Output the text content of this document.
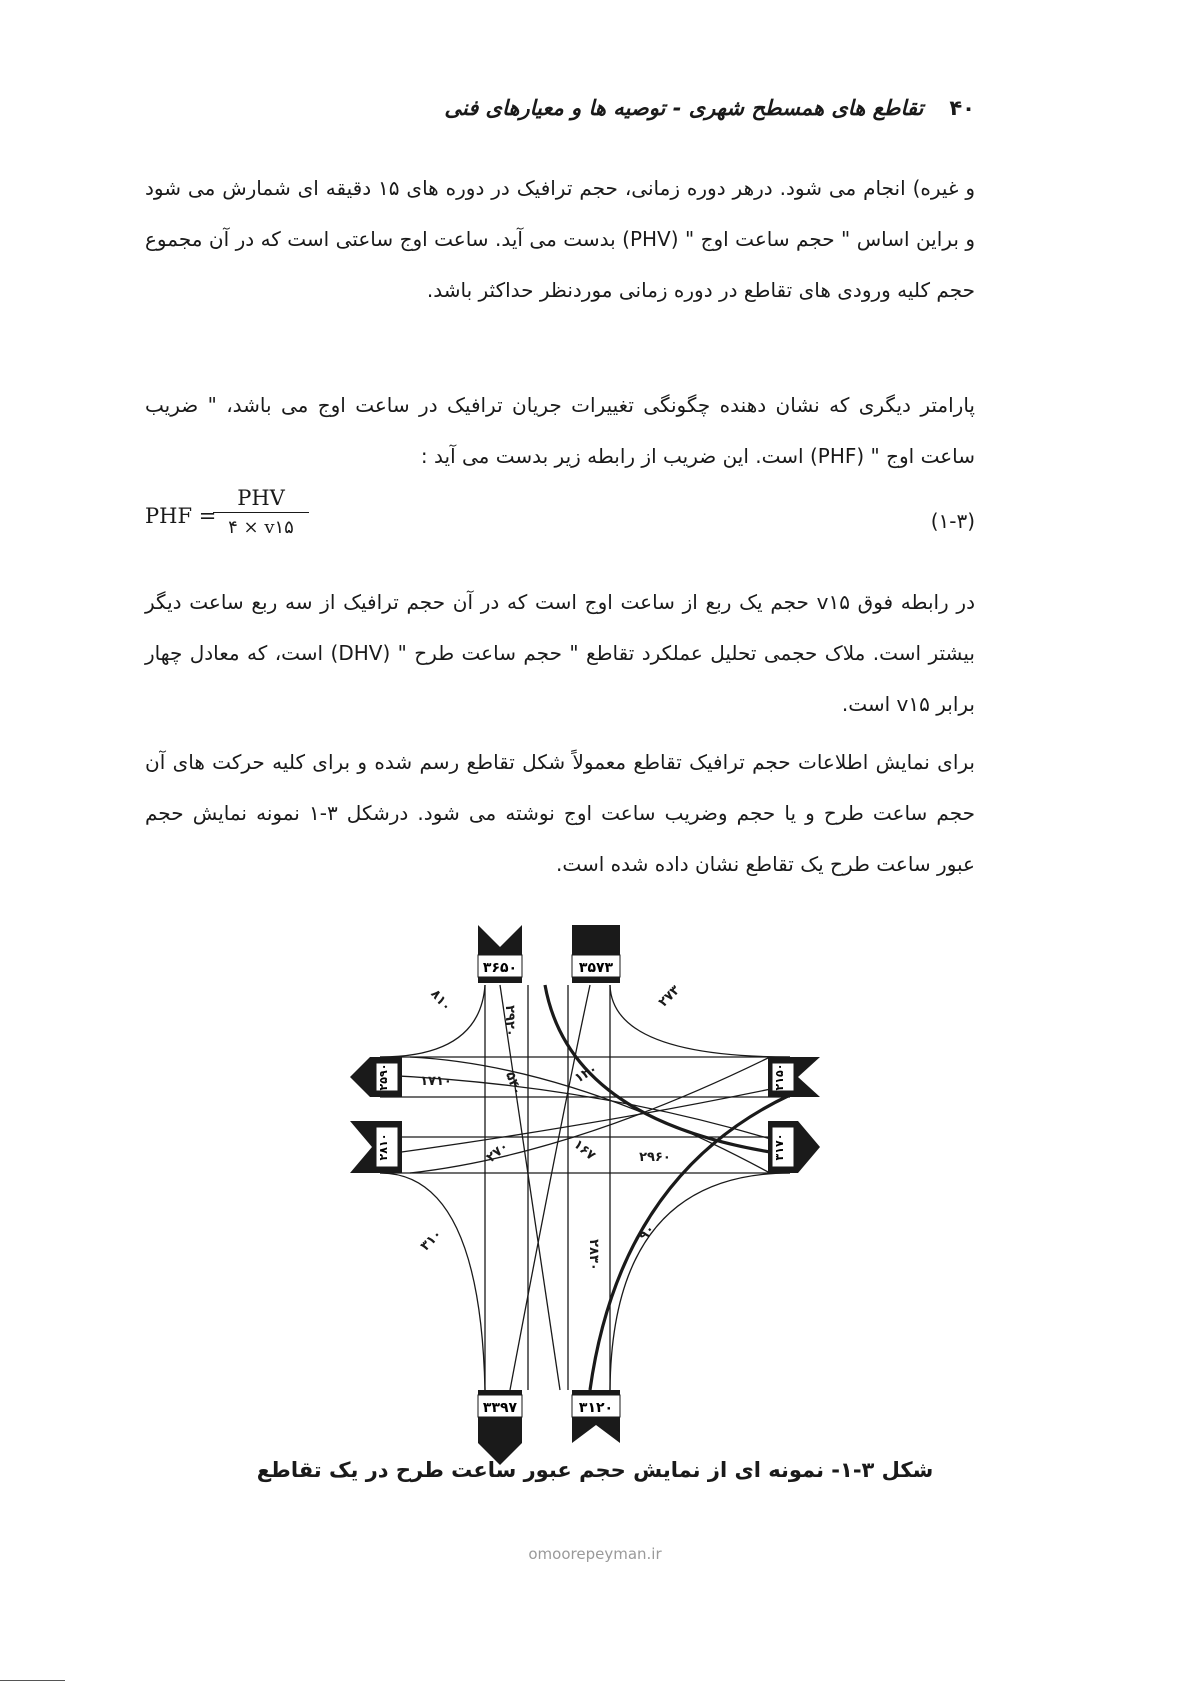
۴۰تقاطع های همسطح شهری - توصیه ها و معیارهای فنی

و غیره) انجام می شود. درهر دوره زمانی، حجم ترافیک در دوره های ۱۵ دقیقه ای شمارش می شود و براین اساس " حجم ساعت اوج " (PHV) بدست می آید. ساعت اوج ساعتی است که در آن مجموع حجم کلیه ورودی های تقاطع در دوره زمانی موردنظر حداکثر باشد.

پارامتر دیگری که نشان دهنده چگونگی تغییرات جریان ترافیک در ساعت اوج می باشد، " ضریب ساعت اوج " (PHF) است. این ضریب از رابطه زیر بدست می آید :

PHF =
PHV
۴ × v۱۵	(۱-۳)

در رابطه فوق v۱۵ حجم یک ربع از ساعت اوج است که در آن حجم ترافیک از سه ربع ساعت دیگر بیشتر است. ملاک حجمی تحلیل عملکرد تقاطع " حجم ساعت طرح " (DHV) است، که معادل چهار برابر v۱۵ است.

برای نمایش اطلاعات حجم ترافیک تقاطع معمولاً شکل تقاطع رسم شده و برای کلیه حرکت های آن حجم ساعت طرح و یا حجم وضریب ساعت اوج نوشته می شود. درشکل ۳-۱ نمونه نمایش حجم عبور ساعت طرح یک تقاطع نشان داده شده است.

۳۶۵۰	۳۵۷۳
۲۵۹۰
۲۸۱۰
۲۱۵۰
۳۱۷۰
۳۳۹۷	۳۱۲۰
۸۱۰
۲۹۲۰
۲۷۳
۱۷۱۰	۵۴۰	۱۲۰
۲۹۶۰
۲۷۰	۱۶۷
۳۱۰	۲۸۳۰
۹۰
شکل ۳-۱- نمونه ای از نمایش حجم عبور ساعت طرح در یک تقاطع
omoorepeyman.ir
